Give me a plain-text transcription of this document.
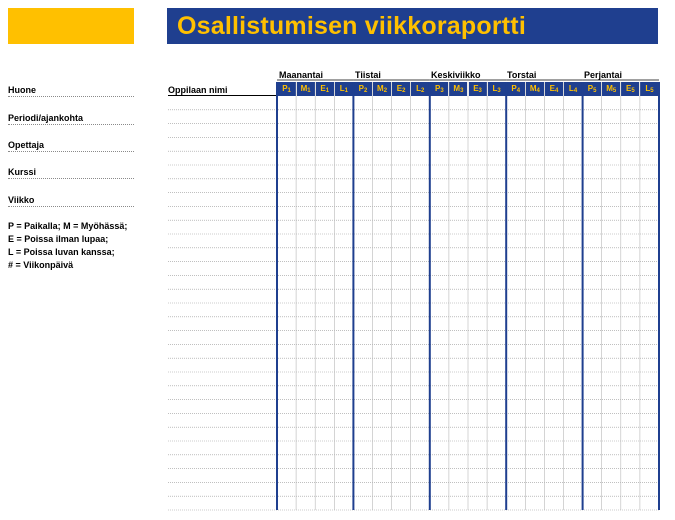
Osallistumisen viikkoraportti
Huone
Periodi/ajankohta
Opettaja
Kurssi
Viikko
P = Paikalla; M = Myöhässä;
E = Poissa ilman lupaa;
L = Poissa luvan kanssa;
# = Viikonpäivä
Maanantai	Tiistai	Keskiviikko	Torstai	Perjantai
Oppilaan nimi	$P_1$	$M_1$	$E_1$	$L_1$	$P_2$	$M_2$	$E_2$	$L_2$	$P_3$	$M_3$	$E_3$	$L_3$	$P_4$	$M_4$	$E_4$	$L_4$	$P_5$	$M_5$	$E_5$	$L_5$
